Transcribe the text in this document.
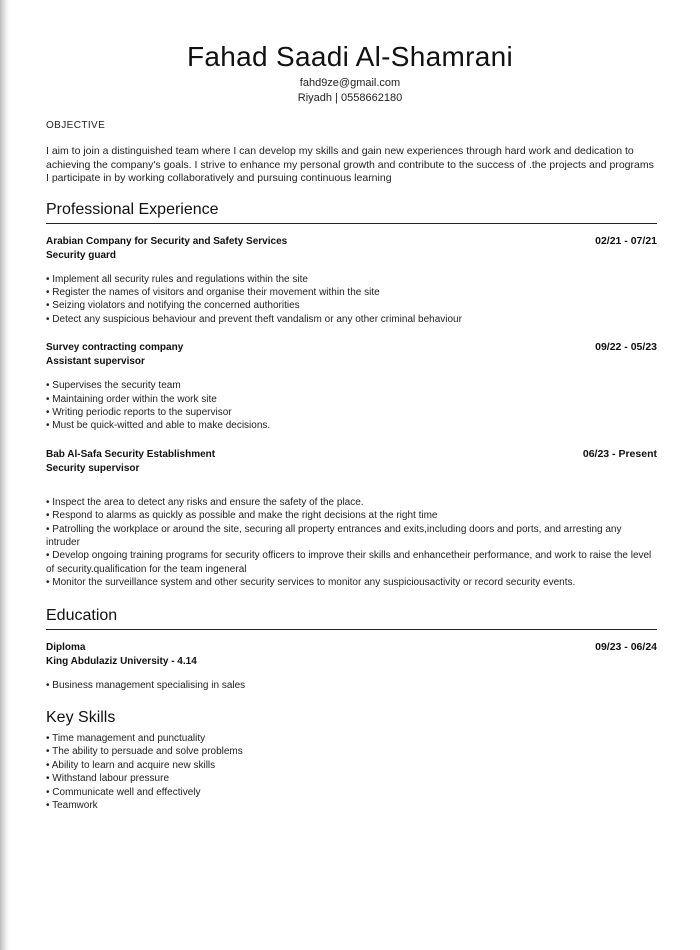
Fahad Saadi Al-Shamrani
fahd9ze@gmail.com
Riyadh | 0558662180

OBJECTIVE

I aim to join a distinguished team where I can develop my skills and gain new experiences through hard work and dedication to achieving the company's goals. I strive to enhance my personal growth and contribute to the success of .the projects and programs I participate in by working collaboratively and pursuing continuous learning

Professional Experience
Arabian Company for Security and Safety Services	02/21 - 07/21
Security guard
• Implement all security rules and regulations within the site
• Register the names of visitors and organise their movement within the site
• Seizing violators and notifying the concerned authorities
• Detect any suspicious behaviour and prevent theft vandalism or any other criminal behaviour
Survey contracting company	09/22 - 05/23
Assistant supervisor
• Supervises the security team
• Maintaining order within the work site
• Writing periodic reports to the supervisor
• Must be quick-witted and able to make decisions.
Bab Al-Safa Security Establishment	06/23 - Present
Security supervisor
• Inspect the area to detect any risks and ensure the safety of the place.
• Respond to alarms as quickly as possible and make the right decisions at the right time
• Patrolling the workplace or around the site, securing all property entrances and exits,including doors and ports, and arresting any intruder
• Develop ongoing training programs for security officers to improve their skills and enhancetheir performance, and work to raise the level of security.qualification for the team ingeneral
• Monitor the surveillance system and other security services to monitor any suspiciousactivity or record security events.
Education
Diploma	09/23 - 06/24
King Abdulaziz University - 4.14
• Business management specialising in sales
Key Skills
• Time management and punctuality
• The ability to persuade and solve problems
• Ability to learn and acquire new skills
• Withstand labour pressure
• Communicate well and effectively
• Teamwork
